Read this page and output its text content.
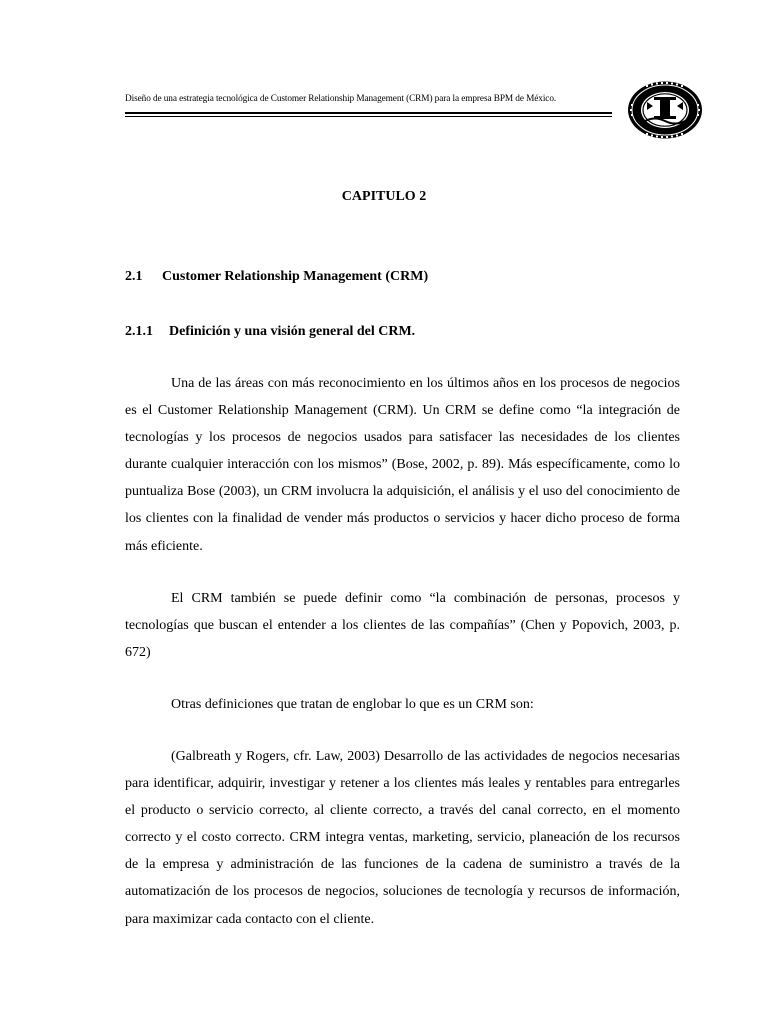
Diseño de una estrategia tecnológica de Customer Relationship Management (CRM) para la empresa BPM de México.
CAPITULO 2
2.1 Customer Relationship Management (CRM)
2.1.1 Definición y una visión general del CRM.

Una de las áreas con más reconocimiento en los últimos años en los procesos de negocios es el Customer Relationship Management (CRM). Un CRM se define como “la integración de tecnologías y los procesos de negocios usados para satisfacer las necesidades de los clientes durante cualquier interacción con los mismos” (Bose, 2002, p. 89). Más específicamente, como lo puntualiza Bose (2003), un CRM involucra la adquisición, el análisis y el uso del conocimiento de los clientes con la finalidad de vender más productos o servicios y hacer dicho proceso de forma más eficiente.

El CRM también se puede definir como “la combinación de personas, procesos y tecnologías que buscan el entender a los clientes de las compañías” (Chen y Popovich, 2003, p. 672)

Otras definiciones que tratan de englobar lo que es un CRM son:

(Galbreath y Rogers, cfr. Law, 2003) Desarrollo de las actividades de negocios necesarias para identificar, adquirir, investigar y retener a los clientes más leales y rentables para entregarles el producto o servicio correcto, al cliente correcto, a través del canal correcto, en el momento correcto y el costo correcto. CRM integra ventas, marketing, servicio, planeación de los recursos de la empresa y administración de las funciones de la cadena de suministro a través de la automatización de los procesos de negocios, soluciones de tecnología y recursos de información, para maximizar cada contacto con el cliente.
